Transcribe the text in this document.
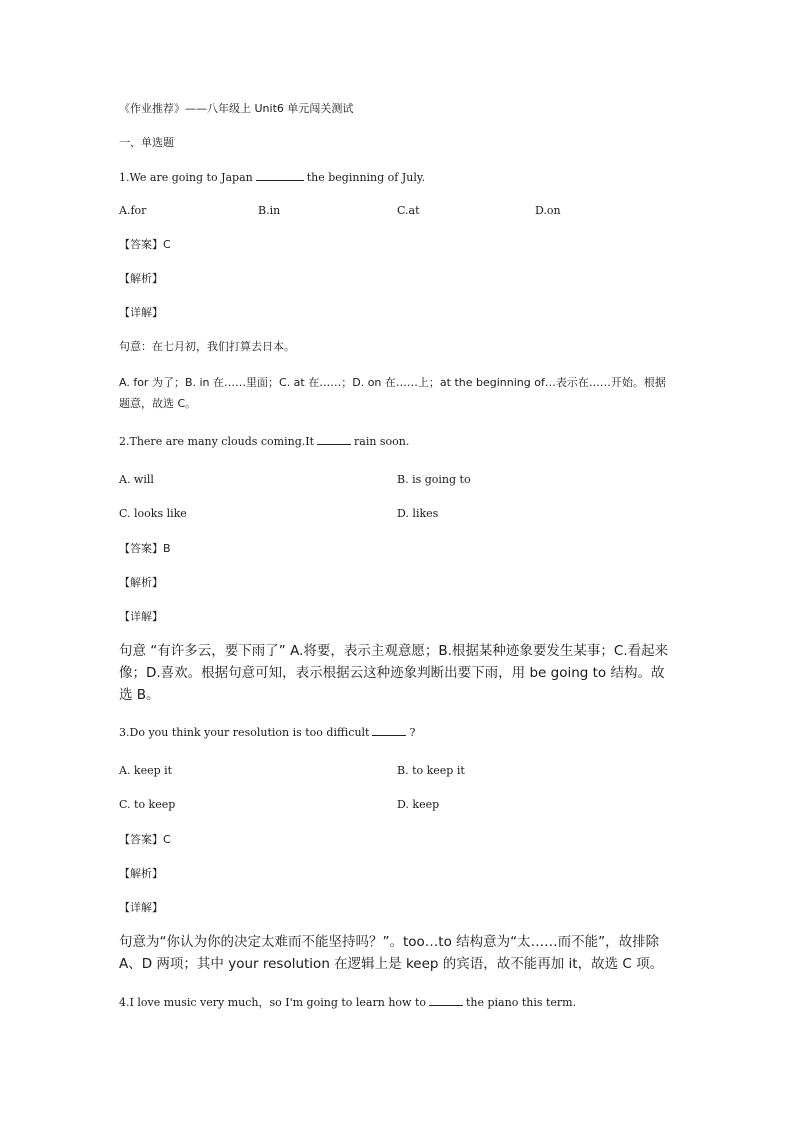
《作业推荐》——八年级上 Unit6 单元闯关测试
一、单选题
1.We are going to Japan	the beginning of July.
A.for	B.in	C.at	D.on
【答案】C
【解析】
【详解】
句意：在七月初，我们打算去日本。
A. for 为了；B. in 在……里面；C. at 在……；D. on 在……上；at the beginning of…表示在……开始。根据题意，故选 C。
2.There are many clouds coming.It	rain soon.
A. will	B. is going to
C. looks like	D. likes
【答案】B
【解析】
【详解】
句意 “有许多云，要下雨了” A.将要，表示主观意愿；B.根据某种迹象要发生某事；C.看起来像；D.喜欢。根据句意可知，表示根据云这种迹象判断出要下雨，用 be going to 结构。故选 B。
3.Do you think your resolution is too difficult	?
A. keep it	B. to keep it
C. to keep	D. keep
【答案】C
【解析】
【详解】
句意为“你认为你的决定太难而不能坚持吗？”。too…to 结构意为“太……而不能”，故排除 A、D 两项；其中 your resolution 在逻辑上是 keep 的宾语，故不能再加 it，故选 C 项。
4.I love music very much，so I'm going to learn how to	the piano this term.
